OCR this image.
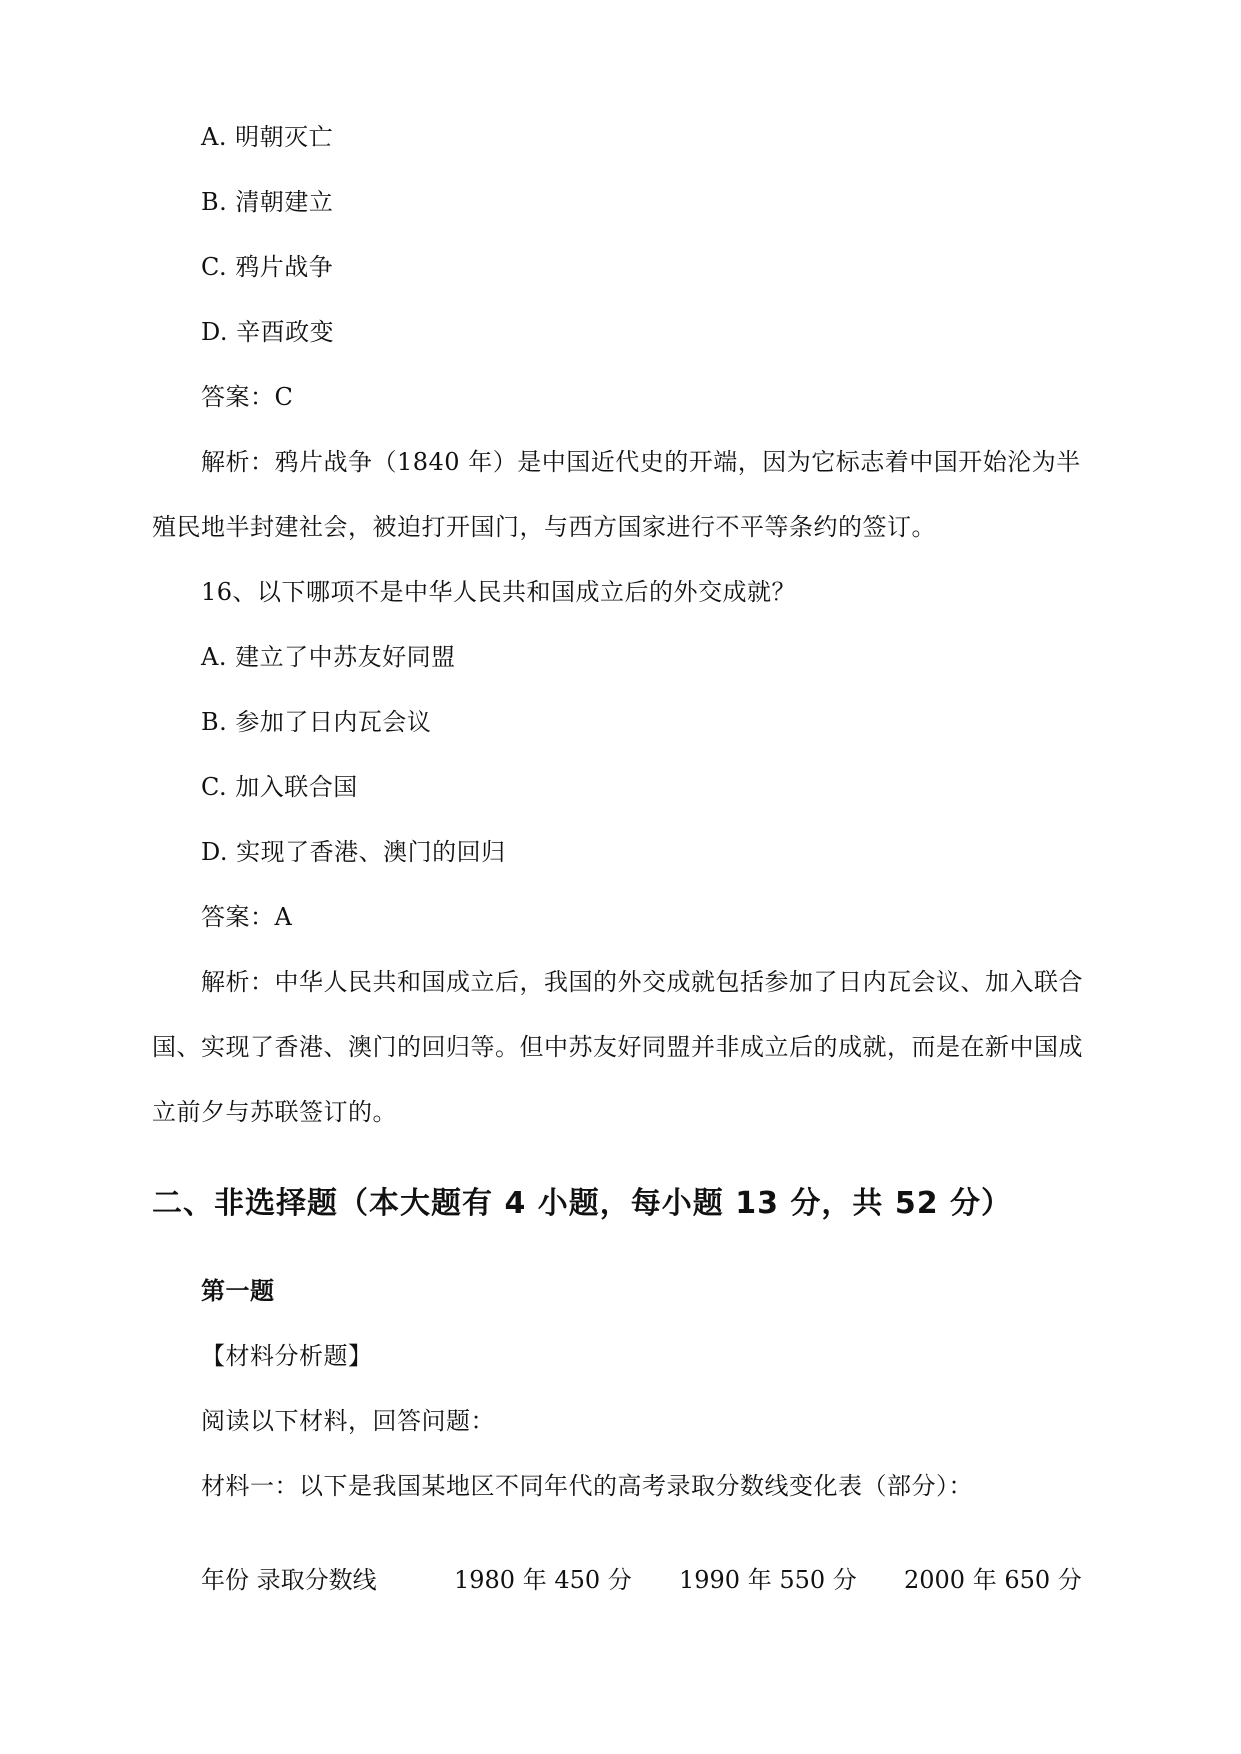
A. 明朝灭亡
B. 清朝建立
C. 鸦片战争
D. 辛酉政变
答案：C
解析：鸦片战争（1840 年）是中国近代史的开端，因为它标志着中国开始沦为半
殖民地半封建社会，被迫打开国门，与西方国家进行不平等条约的签订。
16、以下哪项不是中华人民共和国成立后的外交成就？
A. 建立了中苏友好同盟
B. 参加了日内瓦会议
C. 加入联合国
D. 实现了香港、澳门的回归
答案：A
解析：中华人民共和国成立后，我国的外交成就包括参加了日内瓦会议、加入联合
国、实现了香港、澳门的回归等。但中苏友好同盟并非成立后的成就，而是在新中国成
立前夕与苏联签订的。
二、非选择题（本大题有 4 小题，每小题 13 分，共 52 分）
第一题
【材料分析题】
阅读以下材料，回答问题：
材料一：以下是我国某地区不同年代的高考录取分数线变化表（部分）：
年份 录取分数线	1980 年 450 分 1990 年 550 分 2000 年 650 分
